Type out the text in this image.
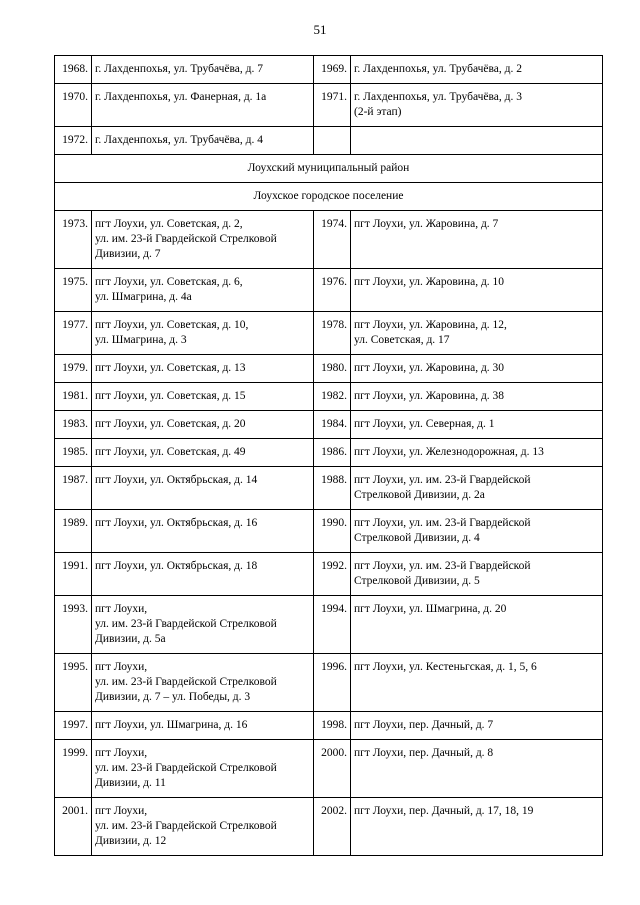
51
1968.	г. Лахденпохья, ул. Трубачёва, д. 7	1969.	г. Лахденпохья, ул. Трубачёва, д. 2

1970.	г. Лахденпохья, ул. Фанерная, д. 1а	1971.	г. Лахденпохья, ул. Трубачёва, д. 3
(2-й этап)

1972.	г. Лахденпохья, ул. Трубачёва, д. 4		

Лоухский муниципальный район			
Лоухское городское поселение			
1973.	пгт Лоухи, ул. Советская, д. 2,
ул. им. 23-й Гвардейской Стрелковой
Дивизии, д. 7	1974.	пгт Лоухи, ул. Жаровина, д. 7

1975.	пгт Лоухи, ул. Советская, д. 6,
ул. Шмагрина, д. 4а	1976.	пгт Лоухи, ул. Жаровина, д. 10

1977.	пгт Лоухи, ул. Советская, д. 10,
ул. Шмагрина, д. 3	1978.	пгт Лоухи, ул. Жаровина, д. 12,
ул. Советская, д. 17

1979.	пгт Лоухи, ул. Советская, д. 13	1980.	пгт Лоухи, ул. Жаровина, д. 30

1981.	пгт Лоухи, ул. Советская, д. 15	1982.	пгт Лоухи, ул. Жаровина, д. 38

1983.	пгт Лоухи, ул. Советская, д. 20	1984.	пгт Лоухи, ул. Северная, д. 1

1985.	пгт Лоухи, ул. Советская, д. 49	1986.	пгт Лоухи, ул. Железнодорожная, д. 13

1987.	пгт Лоухи, ул. Октябрьская, д. 14	1988.	пгт Лоухи, ул. им. 23-й Гвардейской
Стрелковой Дивизии, д. 2а

1989.	пгт Лоухи, ул. Октябрьская, д. 16	1990.	пгт Лоухи, ул. им. 23-й Гвардейской
Стрелковой Дивизии, д. 4

1991.	пгт Лоухи, ул. Октябрьская, д. 18	1992.	пгт Лоухи, ул. им. 23-й Гвардейской
Стрелковой Дивизии, д. 5

1993.	пгт Лоухи,
ул. им. 23-й Гвардейской Стрелковой
Дивизии, д. 5а	1994.	пгт Лоухи, ул. Шмагрина, д. 20

1995.	пгт Лоухи,
ул. им. 23-й Гвардейской Стрелковой
Дивизии, д. 7 – ул. Победы, д. 3	1996.	пгт Лоухи, ул. Кестеньгская, д. 1, 5, 6

1997.	пгт Лоухи, ул. Шмагрина, д. 16	1998.	пгт Лоухи, пер. Дачный, д. 7

1999.	пгт Лоухи,
ул. им. 23-й Гвардейской Стрелковой
Дивизии, д. 11	2000.	пгт Лоухи, пер. Дачный, д. 8

2001.	пгт Лоухи,
ул. им. 23-й Гвардейской Стрелковой
Дивизии, д. 12	2002.	пгт Лоухи, пер. Дачный, д. 17, 18, 19
